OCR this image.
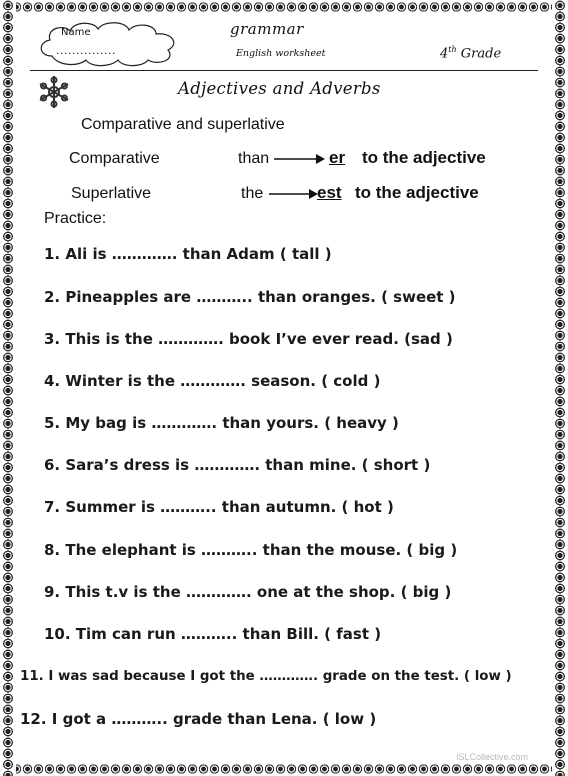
Name
...............
grammar
English worksheet	4th Grade
Adjectives and Adverbs
Comparative and superlative
Comparative	than	er to the adjective
Superlative	the	est to the adjective
Practice:
1. Ali is …………. than Adam ( tall )
2. Pineapples are ……….. than oranges. ( sweet )
3. This is the …………. book I’ve ever read. (sad )
4. Winter is the …………. season. ( cold )
5. My bag is …………. than yours. ( heavy )
6. Sara’s dress is …………. than mine. ( short )
7. Summer is ……….. than autumn. ( hot )
8. The elephant is ……….. than the mouse. ( big )
9. This t.v is the …………. one at the shop. ( big )
10. Tim can run ……….. than Bill. ( fast )
11. I was sad because I got the …………. grade on the test. ( low )
12. I got a ……….. grade than Lena. ( low )
iSLCollective.com
